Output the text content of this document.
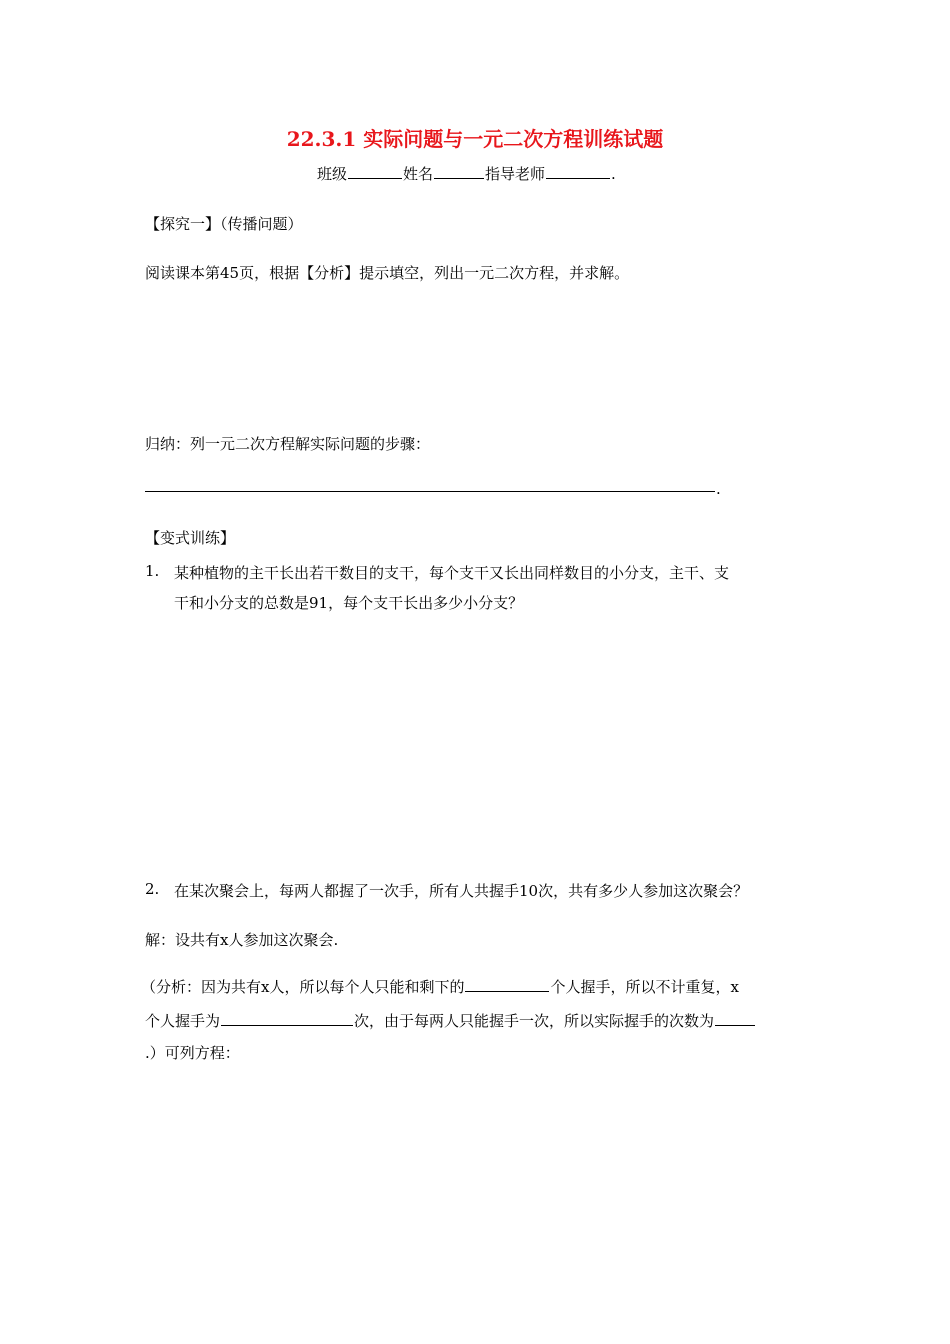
22.3.1 实际问题与一元二次方程训练试题
班级	姓名	指导老师	.
【探究一】（传播问题）
阅读课本第45页，根据【分析】提示填空，列出一元二次方程，并求解。
归纳：列一元二次方程解实际问题的步骤：
.
【变式训练】
1. 某种植物的主干长出若干数目的支干，每个支干又长出同样数目的小分支，主干、支
干和小分支的总数是91，每个支干长出多少小分支？
2. 在某次聚会上，每两人都握了一次手，所有人共握手10次，共有多少人参加这次聚会？
解：设共有x人参加这次聚会.
（分析：因为共有x人，所以每个人只能和剩下的	个人握手，所以不计重复，x
个人握手为	次，由于每两人只能握手一次，所以实际握手的次数为
.）可列方程：
